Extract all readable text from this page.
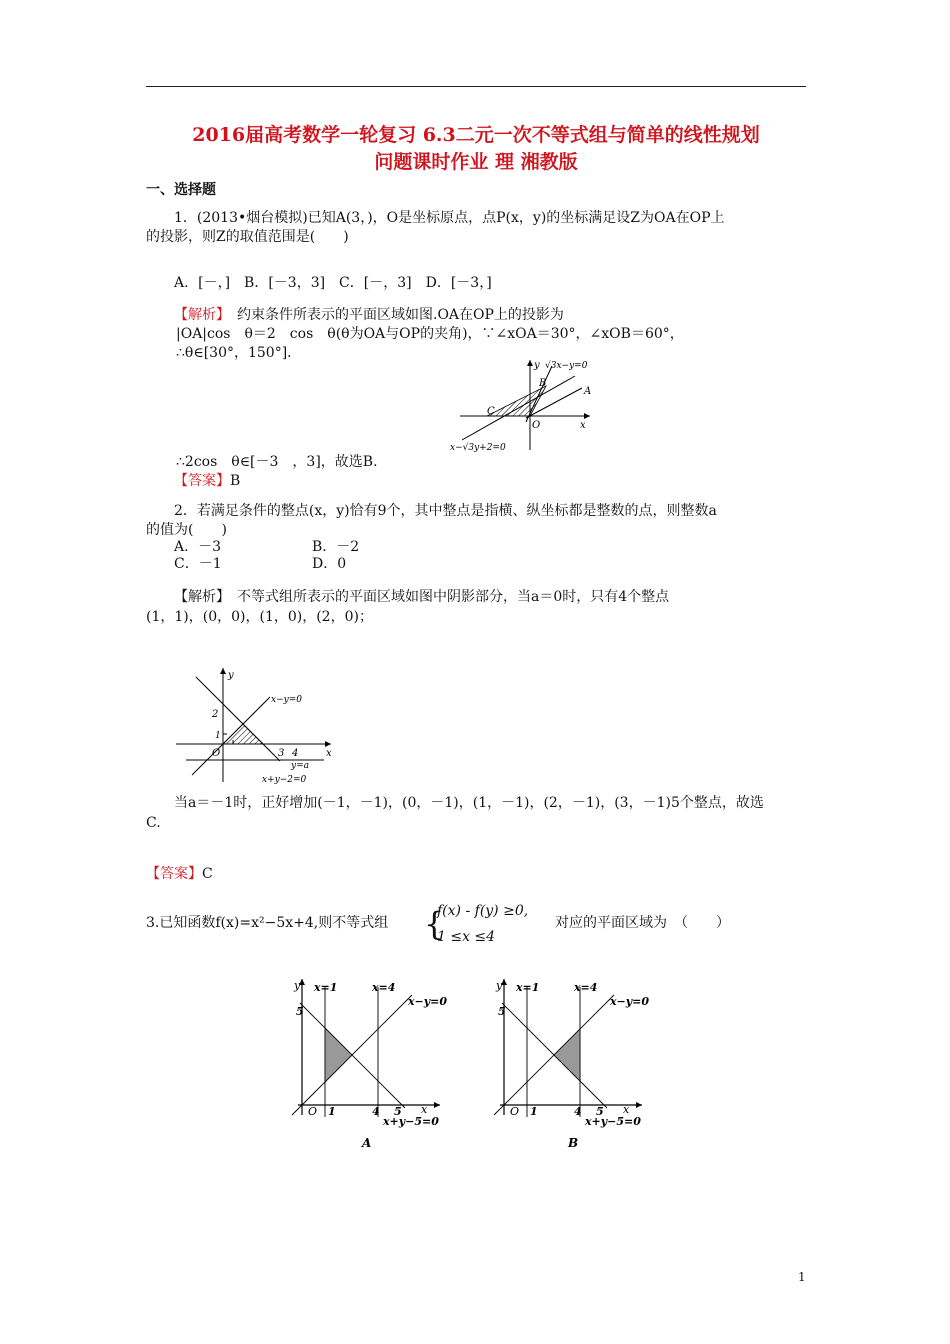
2016届高考数学一轮复习 6.3二元一次不等式组与简单的线性规划
问题课时作业 理 湘教版
一、选择题
1．(2013•烟台模拟)已知A(3，)，O是坐标原点，点P(x，y)的坐标满足设Z为OA在OP上
的投影，则Z的取值范围是(　　)
A．[－，]　B．[－3，3]　C．[－，3]　D．[－3，]
【解析】　 约束条件所表示的平面区域如图.OA在OP上的投影为
|OA|cos　θ＝2　cos　θ(θ为OA与OP的夹角)，∵∠xOA＝30°，∠xOB＝60°，
∴θ∈[30°，150°]．
y
x
O
A
B
C
√3x−y=0
x−√3y+2=0
∴2cos　θ∈[－3　，3]，故选B.
【答案】B
2．若满足条件的整点(x，y)恰有9个，其中整点是指横、纵坐标都是整数的点，则整数a
的值为(　　)
A．－3	B．－2
C．－1	D．0
【解析】　不等式组所表示的平面区域如图中阴影部分，当a＝0时，只有4个整点
(1，1)，(0，0)，(1，0)，(2，0)；
y
x
O
1
2
3 4
x−y=0
y=a
x+y−2=0
当a＝－1时，正好增加(－1，－1)，(0，－1)，(1，－1)，(2，－1)，(3，－1)5个整点，故选
C.
【答案】C
3.已知函数f(x)=x²−5x+4,则不等式组 {
f(x) - f(y) ≥0,
1 ≤x ≤4
对应的平面区域为　（　　）
y
x
O
x=1	x=4
x−y=0
x+y−5=0
5
1	4 5
A
y
x
O
x=1	x=4
x−y=0
x+y−5=0
5
1	4 5
B
1
